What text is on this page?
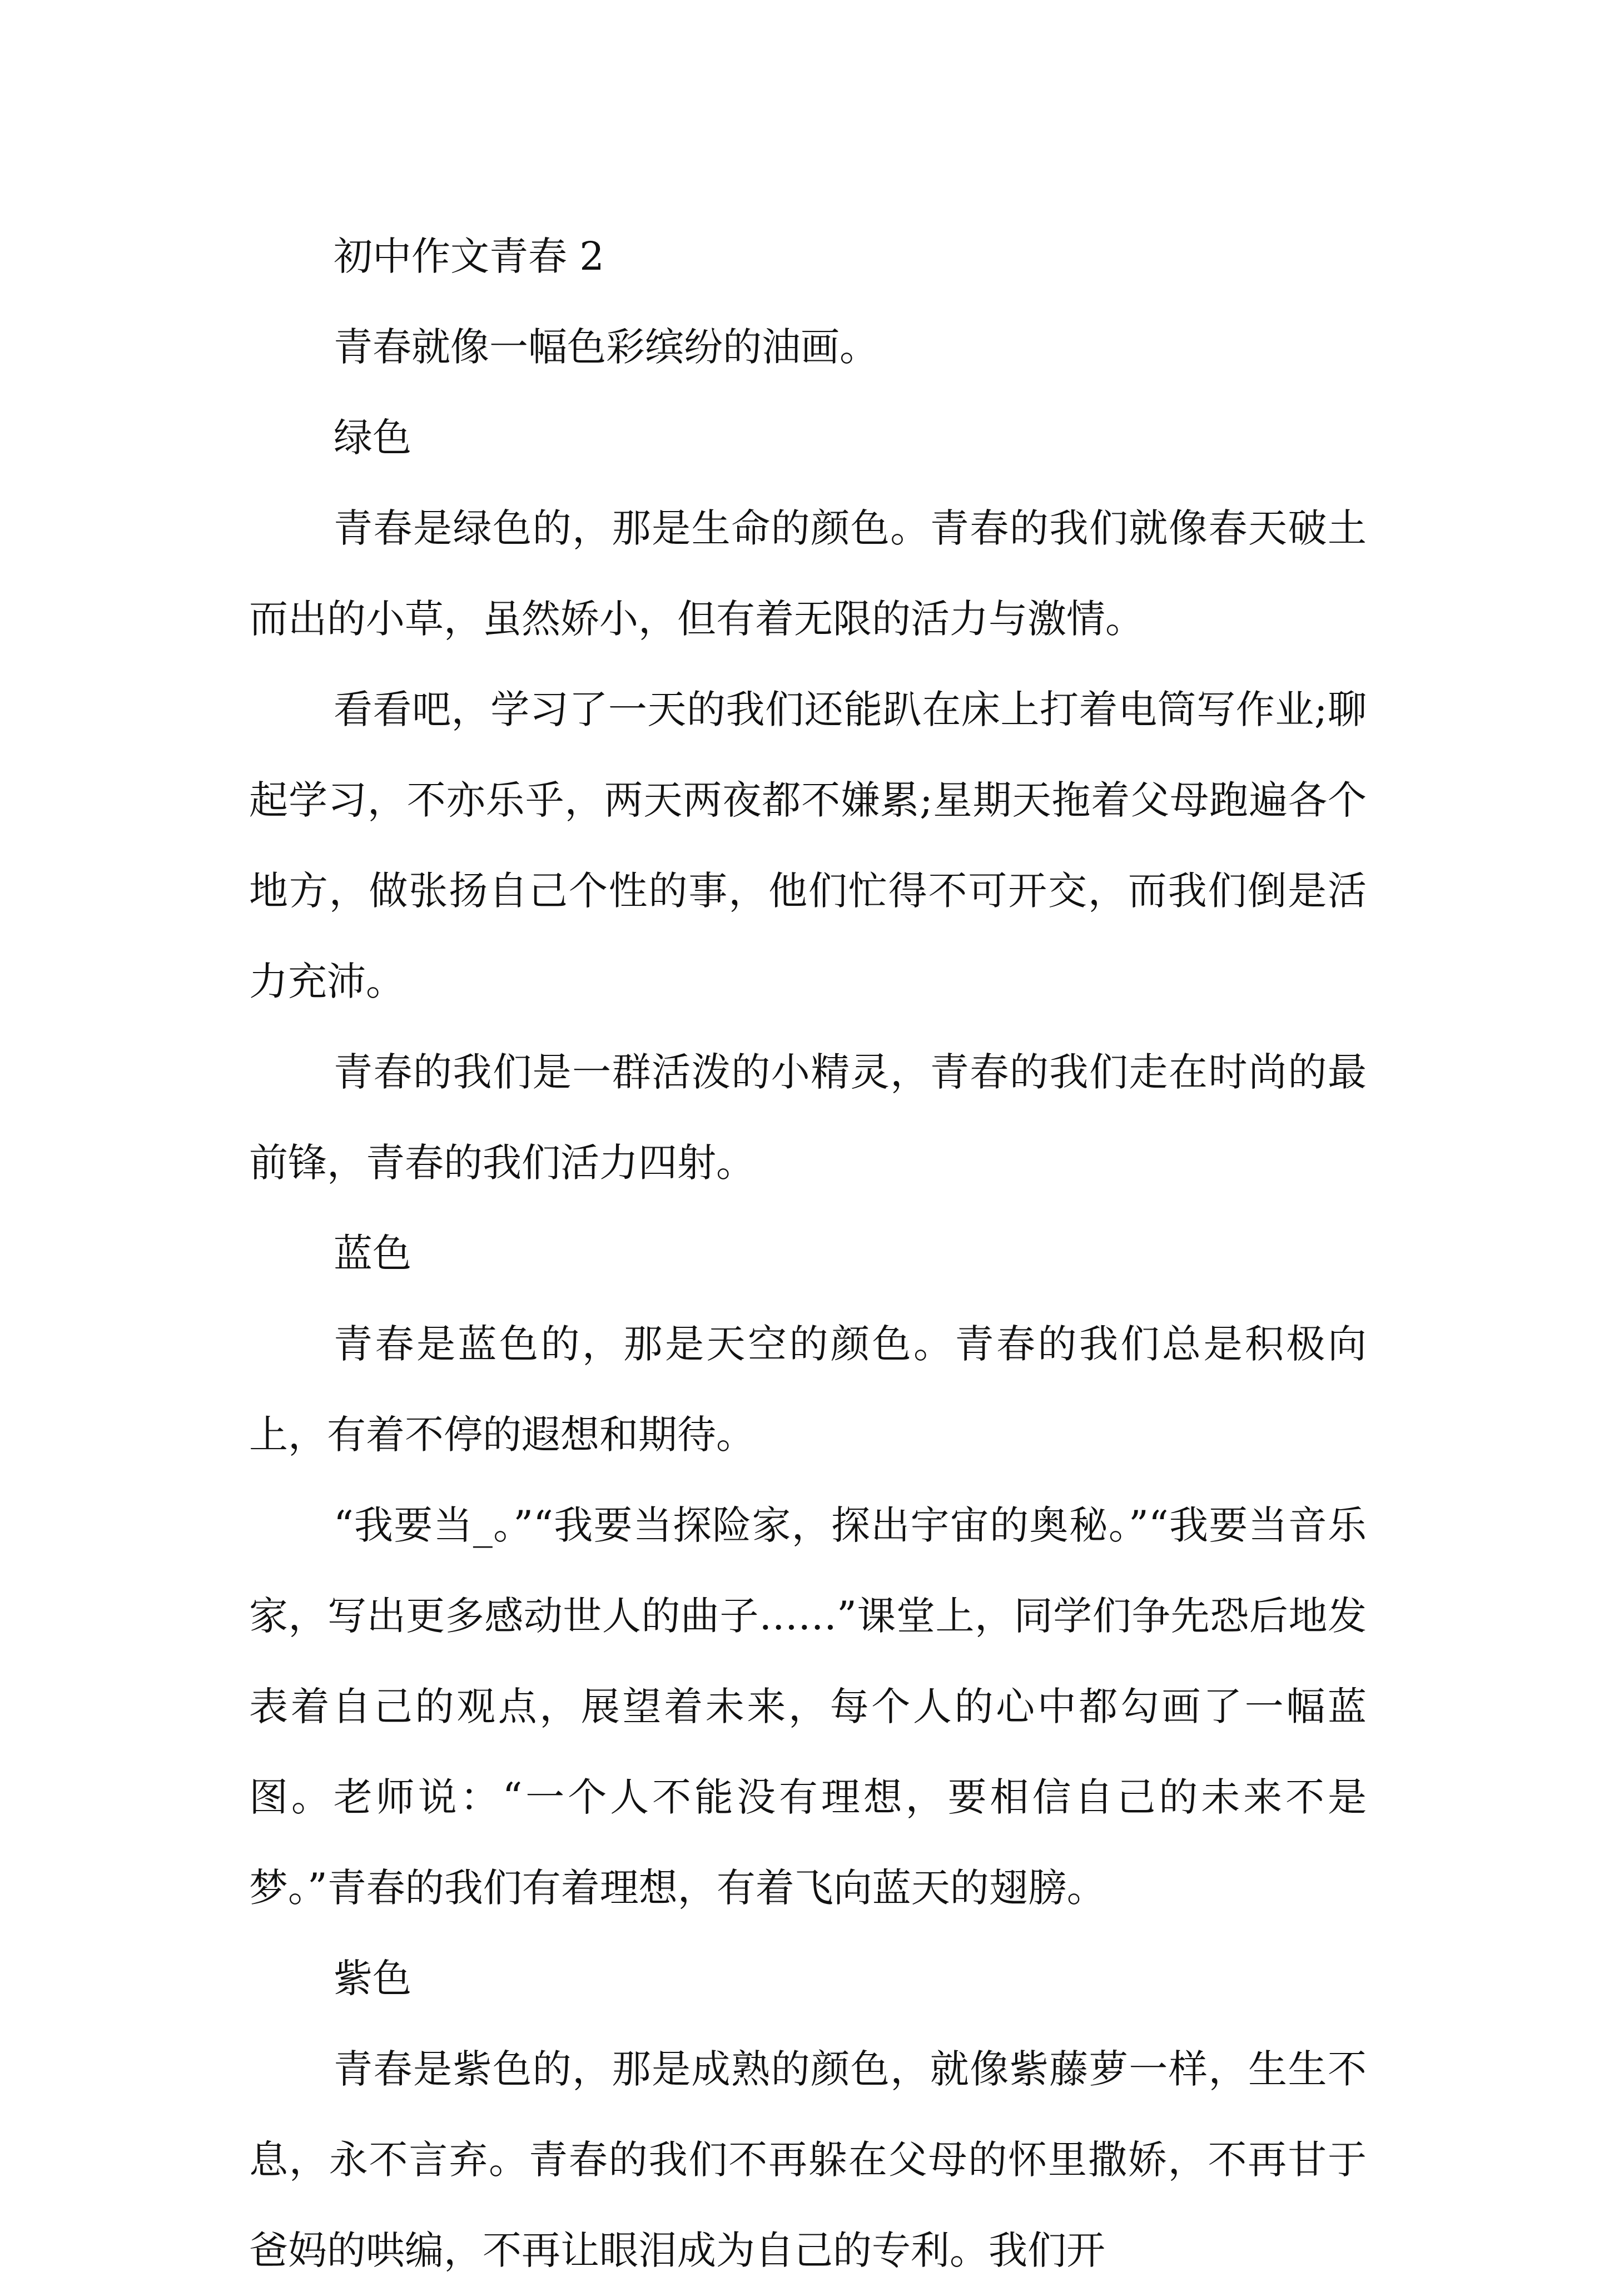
初中作文青春 2

青春就像一幅色彩缤纷的油画。

绿色

青春是绿色的，那是生命的颜色。青春的我们就像春天破土而出的小草，虽然娇小，但有着无限的活力与激情。

看看吧，学习了一天的我们还能趴在床上打着电筒写作业;聊起学习，不亦乐乎，两天两夜都不嫌累;星期天拖着父母跑遍各个地方，做张扬自己个性的事，他们忙得不可开交，而我们倒是活力充沛。

青春的我们是一群活泼的小精灵，青春的我们走在时尚的最前锋，青春的我们活力四射。

蓝色

青春是蓝色的，那是天空的颜色。青春的我们总是积极向上，有着不停的遐想和期待。

“我要当_。”“我要当探险家，探出宇宙的奥秘。”“我要当音乐家，写出更多感动世人的曲子……”课堂上，同学们争先恐后地发表着自己的观点，展望着未来，每个人的心中都勾画了一幅蓝图。老师说：“一个人不能没有理想，要相信自己的未来不是梦。”青春的我们有着理想，有着飞向蓝天的翅膀。

紫色

青春是紫色的，那是成熟的颜色，就像紫藤萝一样，生生不息，永不言弃。青春的我们不再躲在父母的怀里撒娇，不再甘于爸妈的哄编，不再让眼泪成为自己的专利。我们开
